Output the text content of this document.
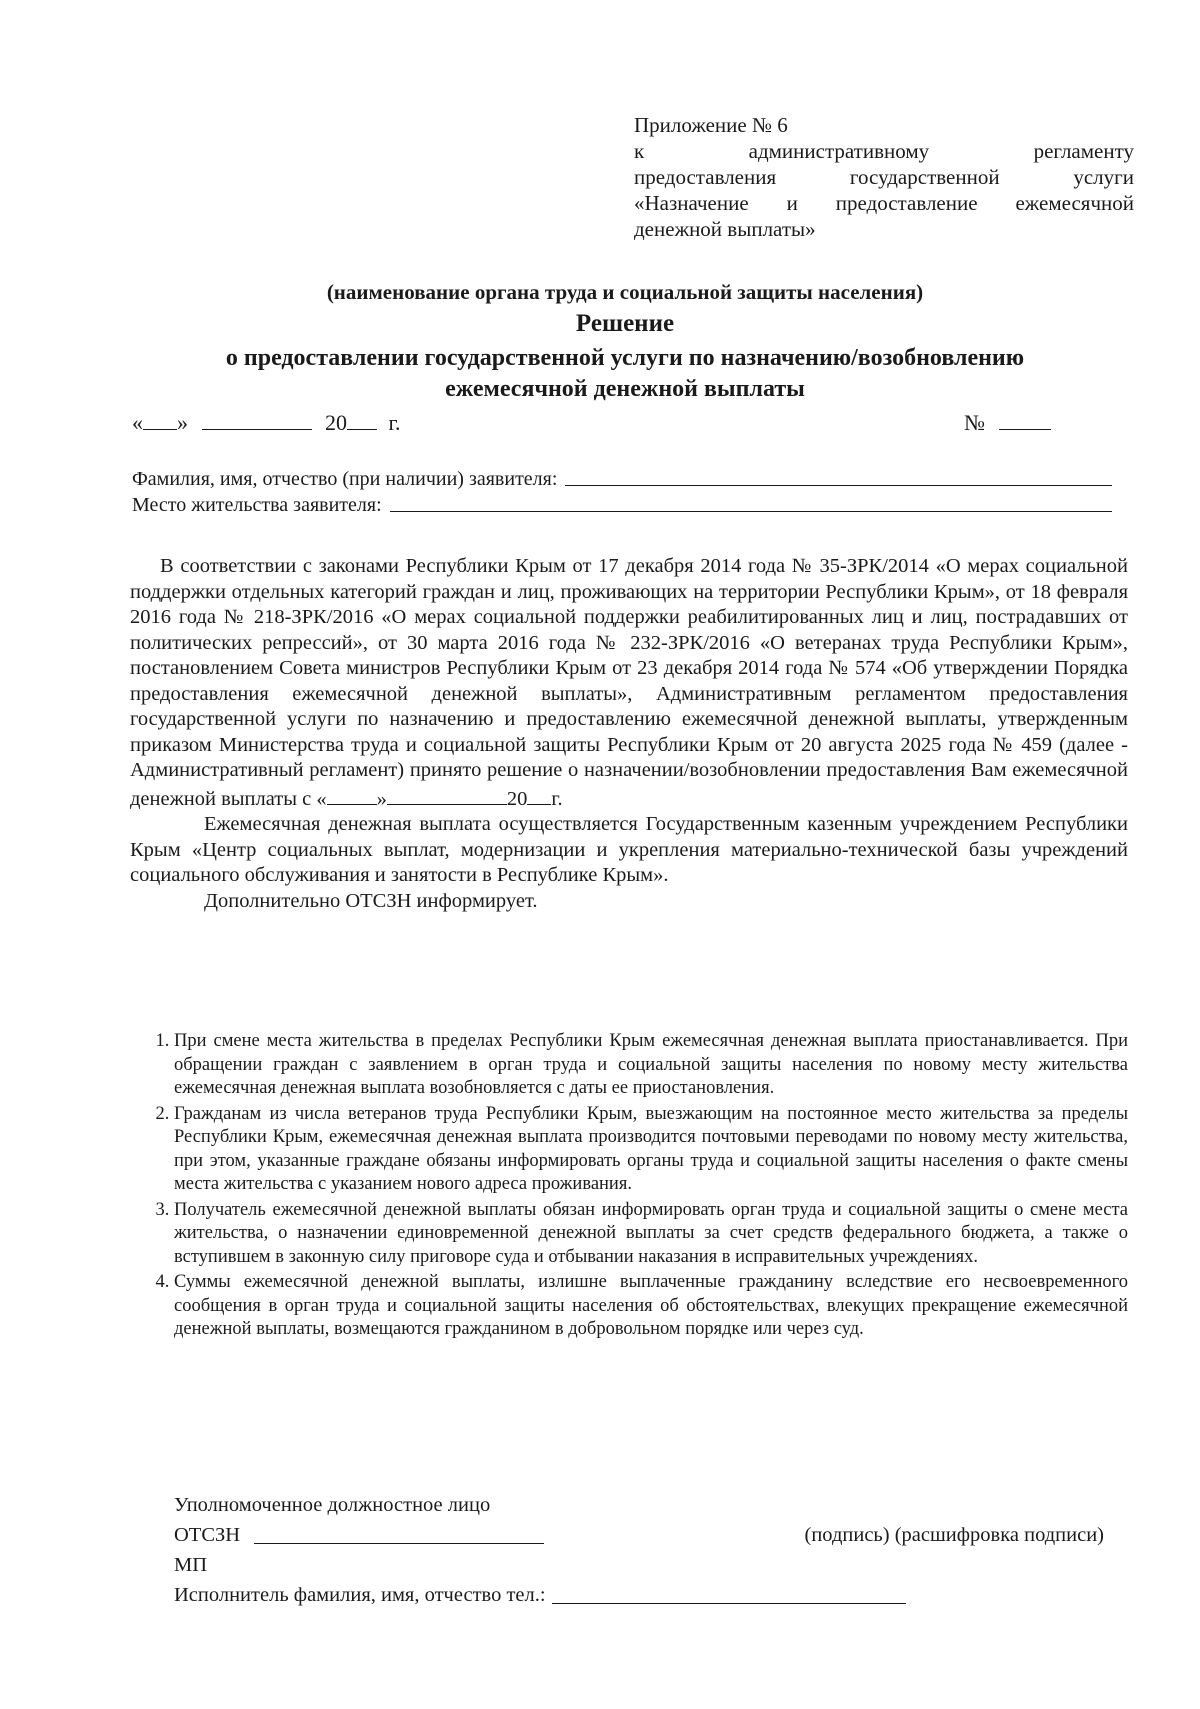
Приложение № 6
к административному регламенту
предоставления государственной услуги
«Назначение и предоставление ежемесячной
денежной выплаты»
(наименование органа труда и социальной защиты населения)
Решение
о предоставлении государственной услуги по назначению/возобновлению
ежемесячной денежной выплаты
« »	20 г.	№
Фамилия, имя, отчество (при наличии) заявителя:
Место жительства заявителя:

В соответствии с законами Республики Крым от 17 декабря 2014 года № 35-ЗРК/2014 «О мерах социальной поддержки отдельных категорий граждан и лиц, проживающих на территории Республики Крым», от 18 февраля 2016 года № 218-ЗРК/2016 «О мерах социальной поддержки реабилитированных лиц и лиц, пострадавших от политических репрессий», от 30 марта 2016 года № 232-ЗРК/2016 «О ветеранах труда Республики Крым», постановлением Совета министров Республики Крым от 23 декабря 2014 года № 574 «Об утверждении Порядка предоставления ежемесячной денежной выплаты», Административным регламентом предоставления государственной услуги по назначению и предоставлению ежемесячной денежной выплаты, утвержденным приказом Министерства труда и социальной защиты Республики Крым от 20 августа 2025 года № 459 (далее - Административный регламент) принято решение о назначении/возобновлении предоставления Вам ежемесячной денежной выплаты с « »	20 г.

Ежемесячная денежная выплата осуществляется Государственным казенным учреждением Республики Крым «Центр социальных выплат, модернизации и укрепления материально-технической базы учреждений социального обслуживания и занятости в Республике Крым».

Дополнительно ОТСЗН информирует.

1. При смене места жительства в пределах Республики Крым ежемесячная денежная выплата приостанавливается. При обращении граждан с заявлением в орган труда и социальной защиты населения по новому месту жительства ежемесячная денежная выплата возобновляется с даты ее приостановления.
2. Гражданам из числа ветеранов труда Республики Крым, выезжающим на постоянное место жительства за пределы Республики Крым, ежемесячная денежная выплата производится почтовыми переводами по новому месту жительства, при этом, указанные граждане обязаны информировать органы труда и социальной защиты населения о факте смены места жительства с указанием нового адреса проживания.
3. Получатель ежемесячной денежной выплаты обязан информировать орган труда и социальной защиты о смене места жительства, о назначении единовременной денежной выплаты за счет средств федерального бюджета, а также о вступившем в законную силу приговоре суда и отбывании наказания в исправительных учреждениях.
4. Суммы ежемесячной денежной выплаты, излишне выплаченные гражданину вследствие его несвоевременного сообщения в орган труда и социальной защиты населения об обстоятельствах, влекущих прекращение ежемесячной денежной выплаты, возмещаются гражданином в добровольном порядке или через суд.
Уполномоченное должностное лицо
ОТСЗН	(подпись) (расшифровка подписи)
МП
Исполнитель фамилия, имя, отчество тел.:
